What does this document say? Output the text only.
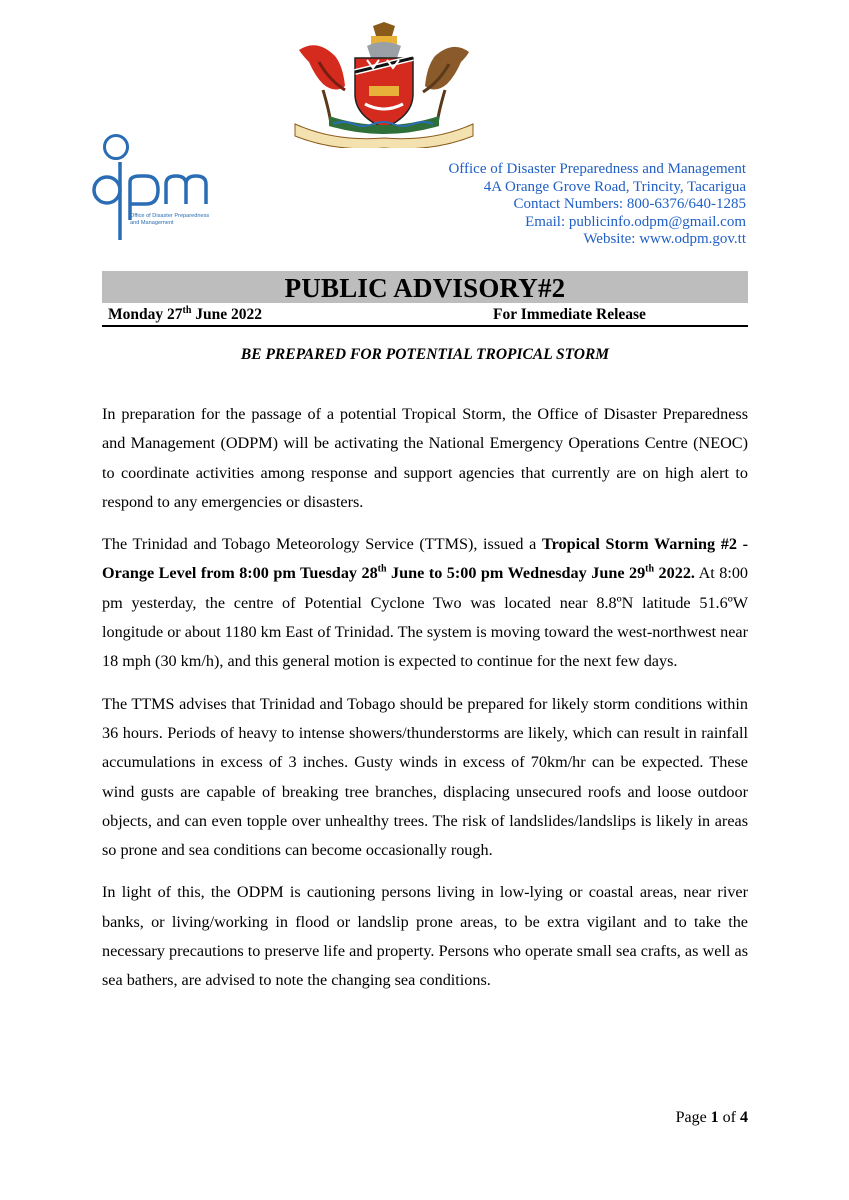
Office of Disaster Preparedness
and Management
Office of Disaster Preparedness and Management
4A Orange Grove Road, Trincity, Tacarigua
Contact Numbers: 800-6376/640-1285
Email: publicinfo.odpm@gmail.com
Website: www.odpm.gov.tt
PUBLIC ADVISORY#2
Monday 27th June 2022	For Immediate Release
BE PREPARED FOR POTENTIAL TROPICAL STORM

In preparation for the passage of a potential Tropical Storm, the Office of Disaster Preparedness and Management (ODPM) will be activating the National Emergency Operations Centre (NEOC) to coordinate activities among response and support agencies that currently are on high alert to respond to any emergencies or disasters.

The Trinidad and Tobago Meteorology Service (TTMS), issued a Tropical Storm Warning #2 - Orange Level from 8:00 pm Tuesday 28th June to 5:00 pm Wednesday June 29th 2022. At 8:00 pm yesterday, the centre of Potential Cyclone Two was located near 8.8ºN latitude 51.6ºW longitude or about 1180 km East of Trinidad. The system is moving toward the west-northwest near 18 mph (30 km/h), and this general motion is expected to continue for the next few days.

The TTMS advises that Trinidad and Tobago should be prepared for likely storm conditions within 36 hours. Periods of heavy to intense showers/thunderstorms are likely, which can result in rainfall accumulations in excess of 3 inches. Gusty winds in excess of 70km/hr can be expected. These wind gusts are capable of breaking tree branches, displacing unsecured roofs and loose outdoor objects, and can even topple over unhealthy trees. The risk of landslides/landslips is likely in areas so prone and sea conditions can become occasionally rough.

In light of this, the ODPM is cautioning persons living in low-lying or coastal areas, near river banks, or living/working in flood or landslip prone areas, to be extra vigilant and to take the necessary precautions to preserve life and property. Persons who operate small sea crafts, as well as sea bathers, are advised to note the changing sea conditions.

Page 1 of 4
